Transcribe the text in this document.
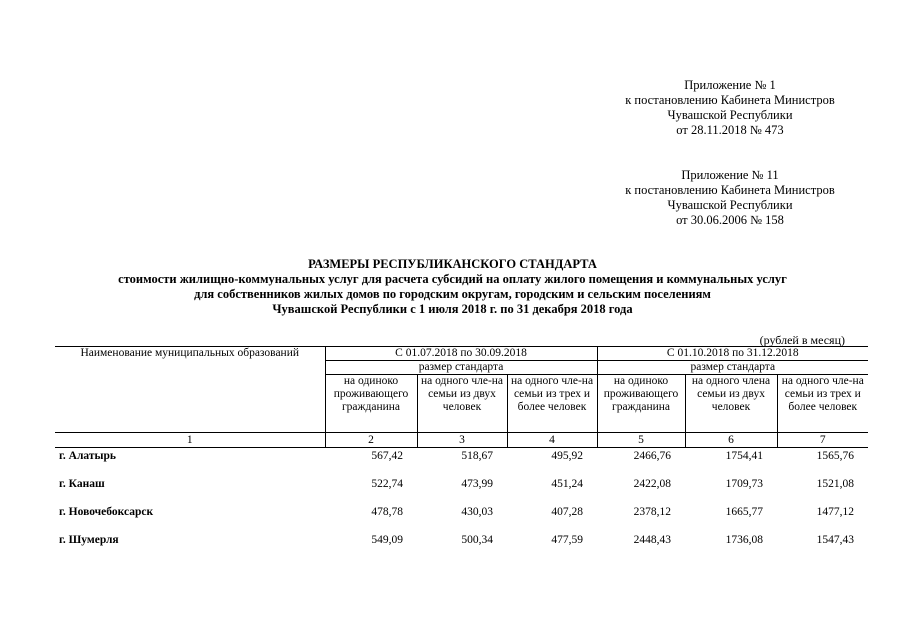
Приложение № 1
к постановлению Кабинета Министров
Чувашской Республики
от 28.11.2018 № 473
Приложение № 11
к постановлению Кабинета Министров
Чувашской Республики
от 30.06.2006 № 158
РАЗМЕРЫ РЕСПУБЛИКАНСКОГО СТАНДАРТА
стоимости жилищно-коммунальных услуг для расчета субсидий на оплату жилого помещения и коммунальных услуг
для собственников жилых домов по городским округам, городским и сельским поселениям
Чувашской Республики с 1 июля 2018 г. по 31 декабря 2018 года
(рублей в месяц)
Наименование муниципальных образований	С 01.07.2018 по 30.09.2018			С 01.10.2018 по 31.12.2018		
	размер стандарта			размер стандарта		
	на одиноко проживающего гражданина	на одного чле-на семьи из двух человек	на одного чле-на семьи из трех и более человек	на одиноко проживающего гражданина	на одного члена семьи из двух человек	на одного чле-на семьи из трех и более человек
1	2	3	4	5	6	7
г. Алатырь	567,42	518,67	495,92	2466,76	1754,41	1565,76
г. Канаш	522,74	473,99	451,24	2422,08	1709,73	1521,08
г. Новочебоксарск	478,78	430,03	407,28	2378,12	1665,77	1477,12
г. Шумерля	549,09	500,34	477,59	2448,43	1736,08	1547,43
